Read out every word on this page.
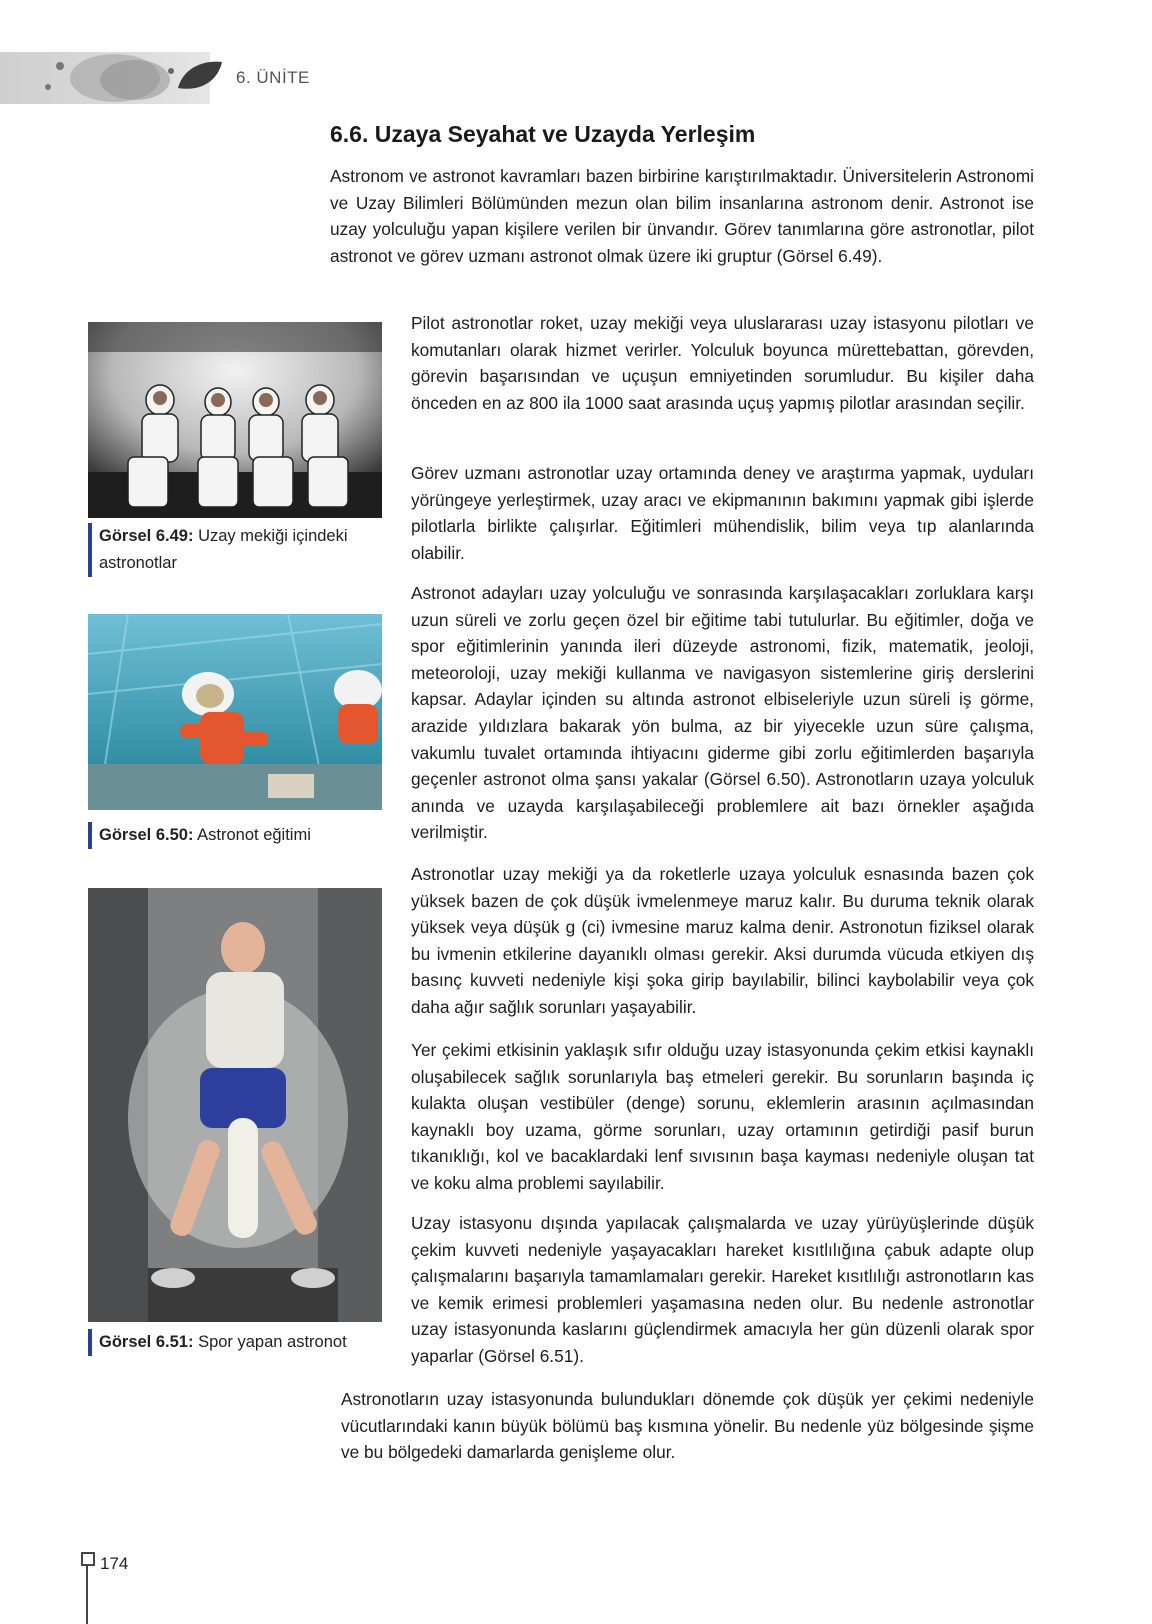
6. ÜNİTE
6.6. Uzaya Seyahat ve Uzayda Yerleşim

Astronom ve astronot kavramları bazen birbirine karıştırılmaktadır. Üniversitelerin Astronomi ve Uzay Bilimleri Bölümünden mezun olan bilim insanlarına astronom denir. Astronot ise uzay yolculuğu yapan kişilere verilen bir ünvandır. Görev tanımlarına göre astronotlar, pilot astronot ve görev uzmanı astronot olmak üzere iki gruptur (Görsel 6.49).

Pilot astronotlar roket, uzay mekiği veya uluslararası uzay istasyonu pilotları ve komutanları olarak hizmet verirler. Yolculuk boyunca mürettebattan, görevden, görevin başarısından ve uçuşun emniyetinden sorumludur. Bu kişiler daha önceden en az 800 ila 1000 saat arasında uçuş yapmış pilotlar arasından seçilir.

Görev uzmanı astronotlar uzay ortamında deney ve araştırma yapmak, uyduları yörüngeye yerleştirmek, uzay aracı ve ekipmanının bakımını yapmak gibi işlerde pilotlarla birlikte çalışırlar. Eğitimleri mühendislik, bilim veya tıp alanlarında olabilir.

Astronot adayları uzay yolculuğu ve sonrasında karşılaşacakları zorluklara karşı uzun süreli ve zorlu geçen özel bir eğitime tabi tutulurlar. Bu eğitimler, doğa ve spor eğitimlerinin yanında ileri düzeyde astronomi, fizik, matematik, jeoloji, meteoroloji, uzay mekiği kullanma ve navigasyon sistemlerine giriş derslerini kapsar. Adaylar içinden su altında astronot elbiseleriyle uzun süreli iş görme, arazide yıldızlara bakarak yön bulma, az bir yiyecekle uzun süre çalışma, vakumlu tuvalet ortamında ihtiyacını giderme gibi zorlu eğitimlerden başarıyla geçenler astronot olma şansı yakalar (Görsel 6.50). Astronotların uzaya yolculuk anında ve uzayda karşılaşabileceği problemlere ait bazı örnekler aşağıda verilmiştir.

Astronotlar uzay mekiği ya da roketlerle uzaya yolculuk esnasında bazen çok yüksek bazen de çok düşük ivmelenmeye maruz kalır. Bu duruma teknik olarak yüksek veya düşük g (ci) ivmesine maruz kalma denir. Astronotun fiziksel olarak bu ivmenin etkilerine dayanıklı olması gerekir. Aksi durumda vücuda etkiyen dış basınç kuvveti nedeniyle kişi şoka girip bayılabilir, bilinci kaybolabilir veya çok daha ağır sağlık sorunları yaşayabilir.

Yer çekimi etkisinin yaklaşık sıfır olduğu uzay istasyonunda çekim etkisi kaynaklı oluşabilecek sağlık sorunlarıyla baş etmeleri gerekir. Bu sorunların başında iç kulakta oluşan vestibüler (denge) sorunu, eklemlerin arasının açılmasından kaynaklı boy uzama, görme sorunları, uzay ortamının getirdiği pasif burun tıkanıklığı, kol ve bacaklardaki lenf sıvısının başa kayması nedeniyle oluşan tat ve koku alma problemi sayılabilir.

Uzay istasyonu dışında yapılacak çalışmalarda ve uzay yürüyüşlerinde düşük çekim kuvveti nedeniyle yaşayacakları hareket kısıtlılığına çabuk adapte olup çalışmalarını başarıyla tamamlamaları gerekir. Hareket kısıtlılığı astronotların kas ve kemik erimesi problemleri yaşamasına neden olur. Bu nedenle astronotlar uzay istasyonunda kaslarını güçlendirmek amacıyla her gün düzenli olarak spor yaparlar (Görsel 6.51).

Astronotların uzay istasyonunda bulundukları dönemde çok düşük yer çekimi nedeniyle vücutlarındaki kanın büyük bölümü baş kısmına yönelir. Bu nedenle yüz bölgesinde şişme ve bu bölgedeki damarlarda genişleme olur.

Görsel 6.49: Uzay mekiği içindeki astronotlar
Görsel 6.50: Astronot eğitimi
Görsel 6.51: Spor yapan astronot
174
